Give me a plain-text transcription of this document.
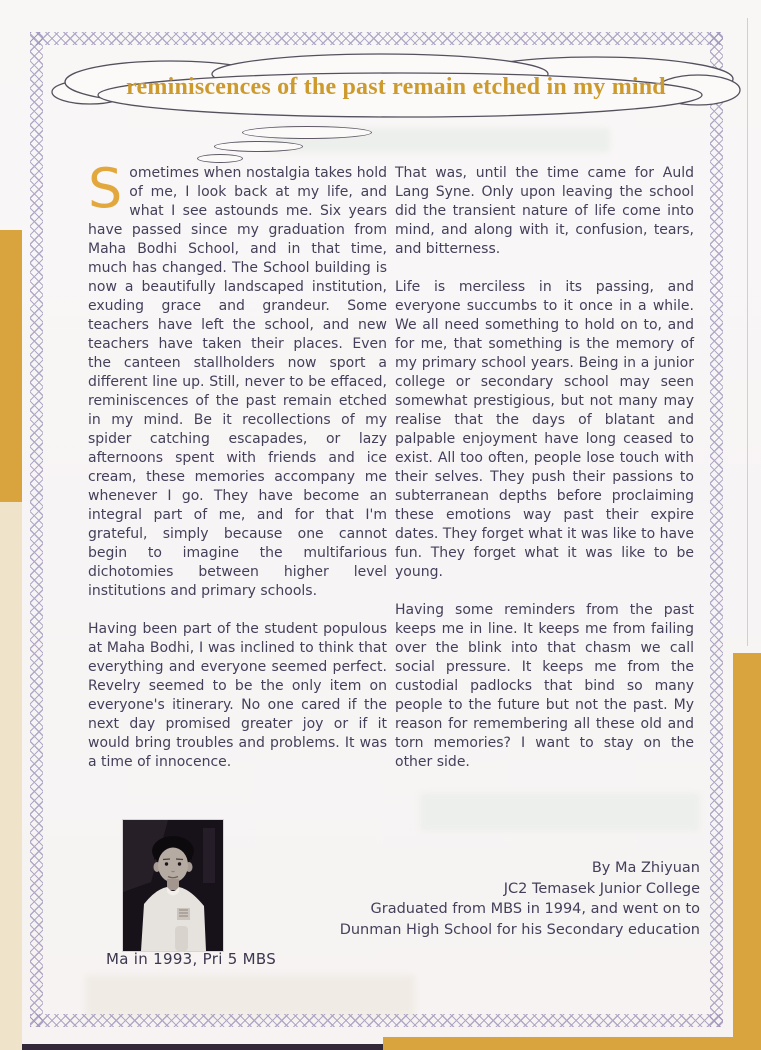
reminiscences of the past remain etched in my mind

Sometimes when nostalgia takes hold of me, I look back at my life, and what I see astounds me. Six years have passed since my graduation from Maha Bodhi School, and in that time, much has changed. The School building is now a beautifully landscaped institution, exuding grace and grandeur. Some teachers have left the school, and new teachers have taken their places. Even the canteen stallholders now sport a different line up. Still, never to be effaced, reminiscences of the past remain etched in my mind. Be it recollections of my spider catching escapades, or lazy afternoons spent with friends and ice cream, these memories accompany me whenever I go. They have become an integral part of me, and for that I'm grateful, simply because one cannot begin to imagine the multifarious dichotomies between higher level institutions and primary schools.

Having been part of the student populous at Maha Bodhi, I was inclined to think that everything and everyone seemed perfect. Revelry seemed to be the only item on everyone's itinerary. No one cared if the next day promised greater joy or if it would bring troubles and problems. It was a time of innocence.

That was, until the time came for Auld Lang Syne. Only upon leaving the school did the transient nature of life come into mind, and along with it, confusion, tears, and bitterness.

Life is merciless in its passing, and everyone succumbs to it once in a while. We all need something to hold on to, and for me, that something is the memory of my primary school years. Being in a junior college or secondary school may seen somewhat prestigious, but not many may realise that the days of blatant and palpable enjoyment have long ceased to exist. All too often, people lose touch with their selves. They push their passions to subterranean depths before proclaiming these emotions way past their expire dates. They forget what it was like to have fun. They forget what it was like to be young.

Having some reminders from the past keeps me in line. It keeps me from failing over the blink into that chasm we call social pressure. It keeps me from the custodial padlocks that bind so many people to the future but not the past. My reason for remembering all these old and torn memories? I want to stay on the other side.

Ma in 1993, Pri 5 MBS
By Ma Zhiyuan
JC2 Temasek Junior College
Graduated from MBS in 1994, and went on to
Dunman High School for his Secondary education
